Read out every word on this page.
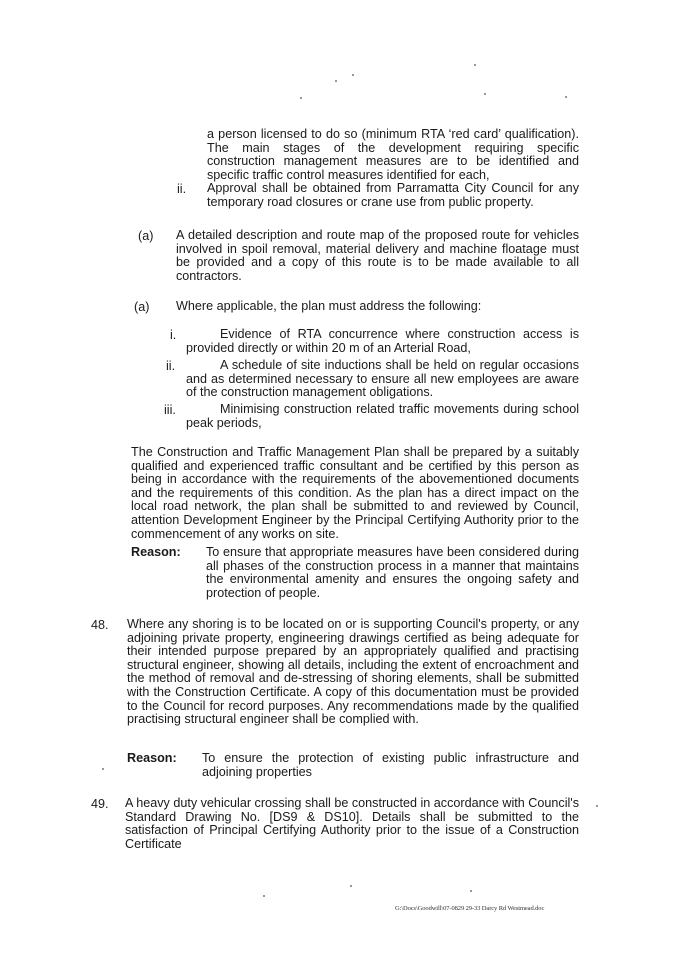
a person licensed to do so (minimum RTA ‘red card’ qualification). The main stages of the development requiring specific construction management measures are to be identified and specific traffic control measures identified for each,
ii. Approval shall be obtained from Parramatta City Council for any temporary road closures or crane use from public property.
(a) A detailed description and route map of the proposed route for vehicles involved in spoil removal, material delivery and machine floatage must be provided and a copy of this route is to be made available to all contractors.
(a) Where applicable, the plan must address the following:
i.	Evidence of RTA concurrence where construction access is provided directly or within 20 m of an Arterial Road,
ii.	A schedule of site inductions shall be held on regular occasions and as determined necessary to ensure all new employees are aware of the construction management obligations.
iii.	Minimising construction related traffic movements during school peak periods,
The Construction and Traffic Management Plan shall be prepared by a suitably qualified and experienced traffic consultant and be certified by this person as being in accordance with the requirements of the abovementioned documents and the requirements of this condition. As the plan has a direct impact on the local road network, the plan shall be submitted to and reviewed by Council, attention Development Engineer by the Principal Certifying Authority prior to the commencement of any works on site.
Reason: To ensure that appropriate measures have been considered during all phases of the construction process in a manner that maintains the environmental amenity and ensures the ongoing safety and protection of people.
48. Where any shoring is to be located on or is supporting Council's property, or any adjoining private property, engineering drawings certified as being adequate for their intended purpose prepared by an appropriately qualified and practising structural engineer, showing all details, including the extent of encroachment and the method of removal and de-stressing of shoring elements, shall be submitted with the Construction Certificate. A copy of this documentation must be provided to the Council for record purposes. Any recommendations made by the qualified practising structural engineer shall be complied with.
Reason: To ensure the protection of existing public infrastructure and adjoining properties
49. A heavy duty vehicular crossing shall be constructed in accordance with Council's Standard Drawing No. [DS9 & DS10]. Details shall be submitted to the satisfaction of Principal Certifying Authority prior to the issue of a Construction Certificate
G:\Docs\Goodwill\07-0829 29-33 Darcy Rd Westmead.doc
